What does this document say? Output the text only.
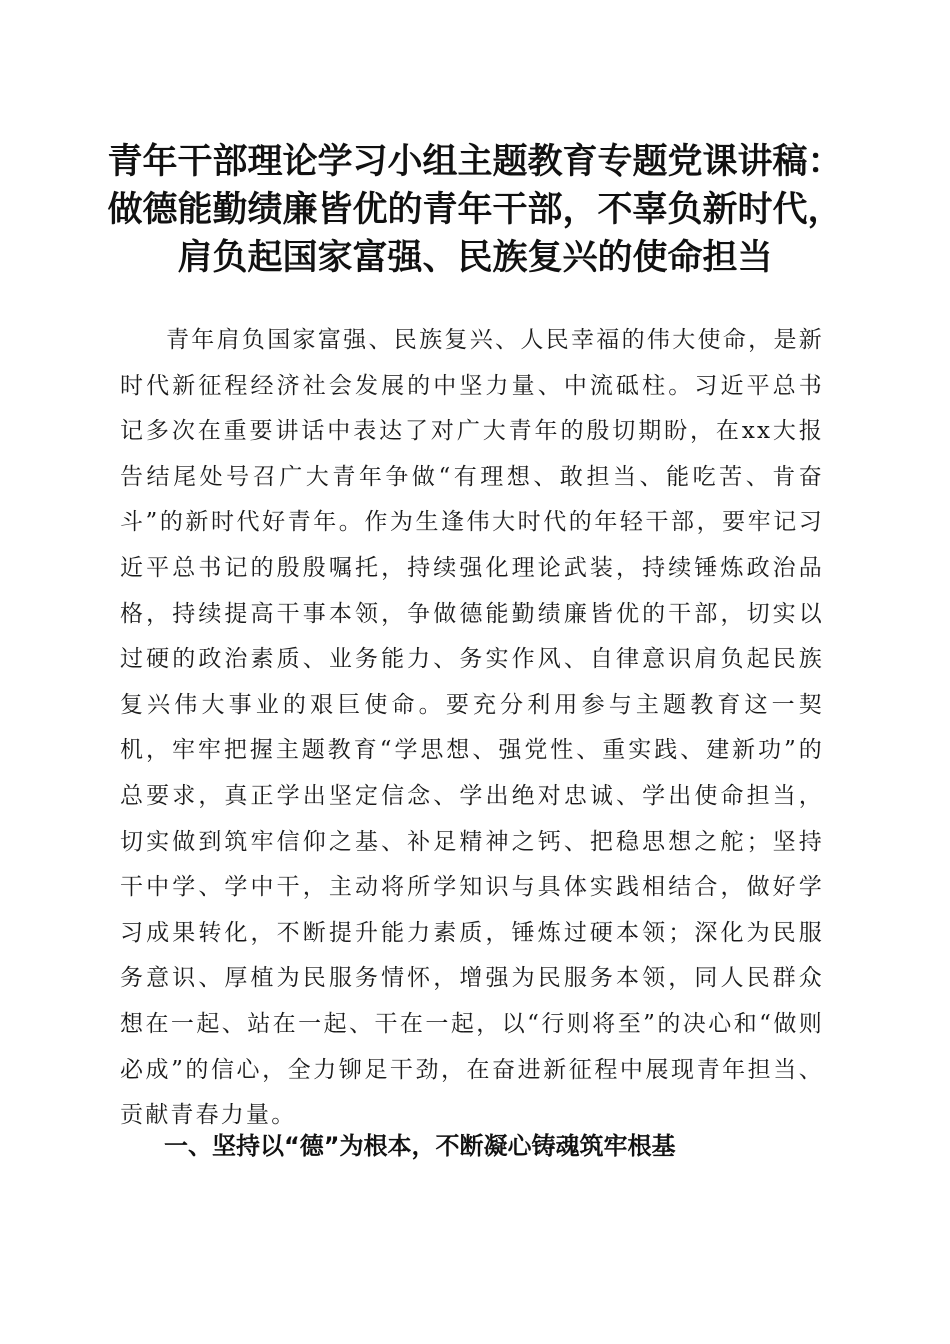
青年干部理论学习小组主题教育专题党课讲稿：
做德能勤绩廉皆优的青年干部，不辜负新时代，
肩负起国家富强、民族复兴的使命担当

青年肩负国家富强、民族复兴、人民幸福的伟大使命，是新时代新征程经济社会发展的中坚力量、中流砥柱。习近平总书记多次在重要讲话中表达了对广大青年的殷切期盼，在xx大报告结尾处号召广大青年争做“有理想、敢担当、能吃苦、肯奋斗”的新时代好青年。作为生逢伟大时代的年轻干部，要牢记习近平总书记的殷殷嘱托，持续强化理论武装，持续锤炼政治品格，持续提高干事本领，争做德能勤绩廉皆优的干部，切实以过硬的政治素质、业务能力、务实作风、自律意识肩负起民族复兴伟大事业的艰巨使命。要充分利用参与主题教育这一契机，牢牢把握主题教育“学思想、强党性、重实践、建新功”的总要求，真正学出坚定信念、学出绝对忠诚、学出使命担当，切实做到筑牢信仰之基、补足精神之钙、把稳思想之舵；坚持干中学、学中干，主动将所学知识与具体实践相结合，做好学习成果转化，不断提升能力素质，锤炼过硬本领；深化为民服务意识、厚植为民服务情怀，增强为民服务本领，同人民群众想在一起、站在一起、干在一起，以“行则将至”的决心和“做则必成”的信心，全力铆足干劲，在奋进新征程中展现青年担当、贡献青春力量。

一、坚持以“德”为根本，不断凝心铸魂筑牢根基
